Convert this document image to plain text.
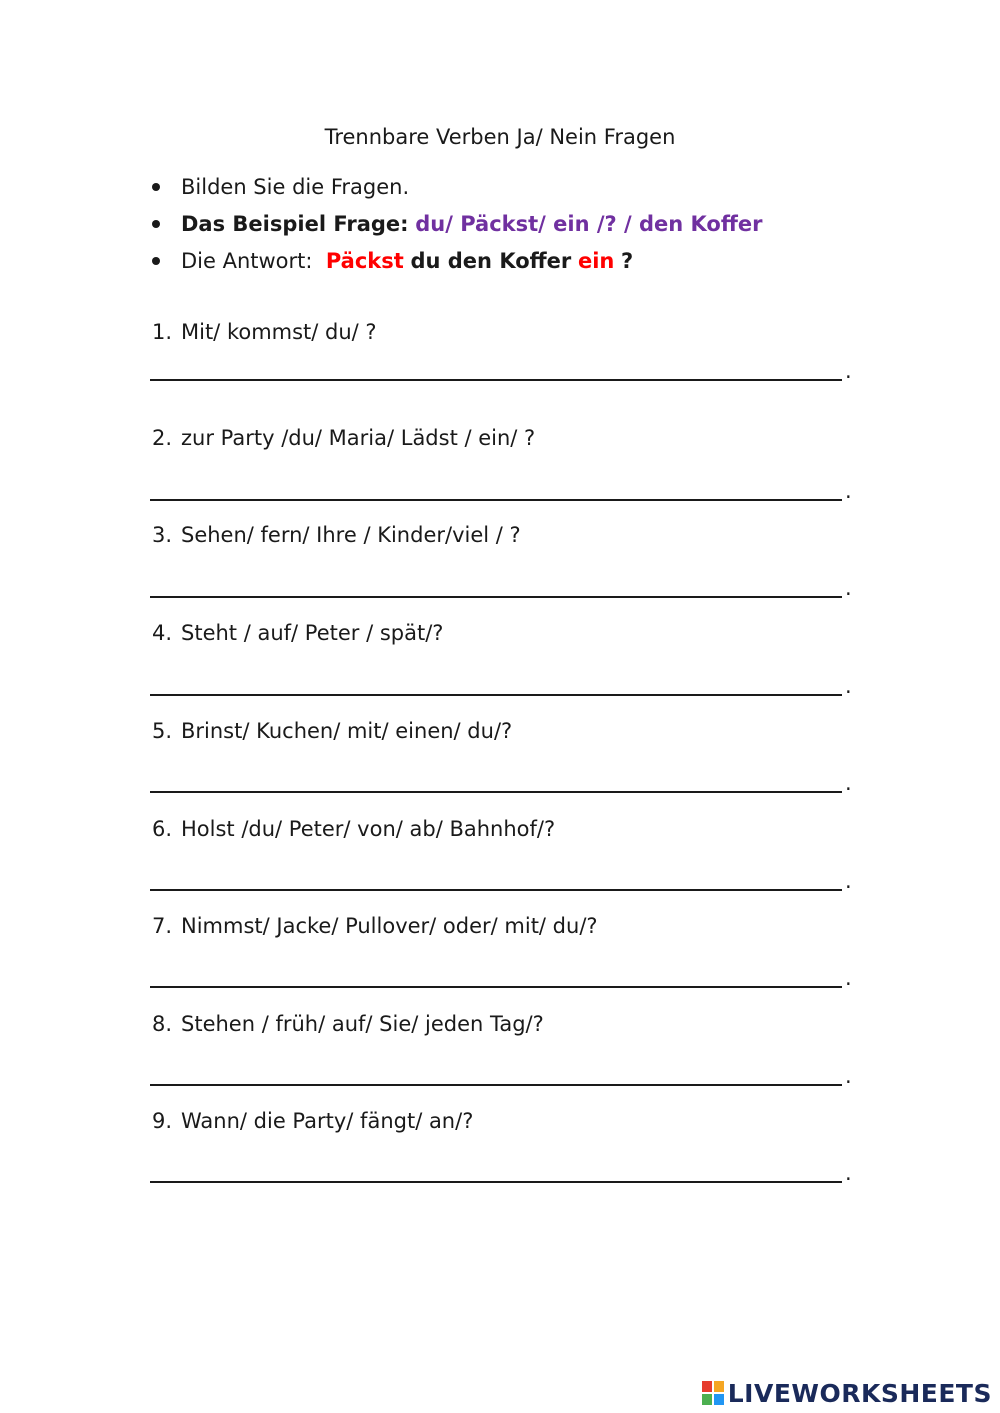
Trennbare Verben Ja/ Nein Fragen
Bilden Sie die Fragen.
Das Beispiel Frage: du/ Päckst/ ein /? / den Koffer
Die Antwort: Päckst du den Koffer ein ?
1. Mit/ kommst/ du/ ?
.
2. zur Party /du/ Maria/ Lädst / ein/ ?
.
3. Sehen/ fern/ Ihre / Kinder/viel / ?
.
4. Steht / auf/ Peter / spät/?
.
5. Brinst/ Kuchen/ mit/ einen/ du/?
.
6. Holst /du/ Peter/ von/ ab/ Bahnhof/?
.
7. Nimmst/ Jacke/ Pullover/ oder/ mit/ du/?
.
8. Stehen / früh/ auf/ Sie/ jeden Tag/?
.
9. Wann/ die Party/ fängt/ an/?
.
LIVEWORKSHEETS
